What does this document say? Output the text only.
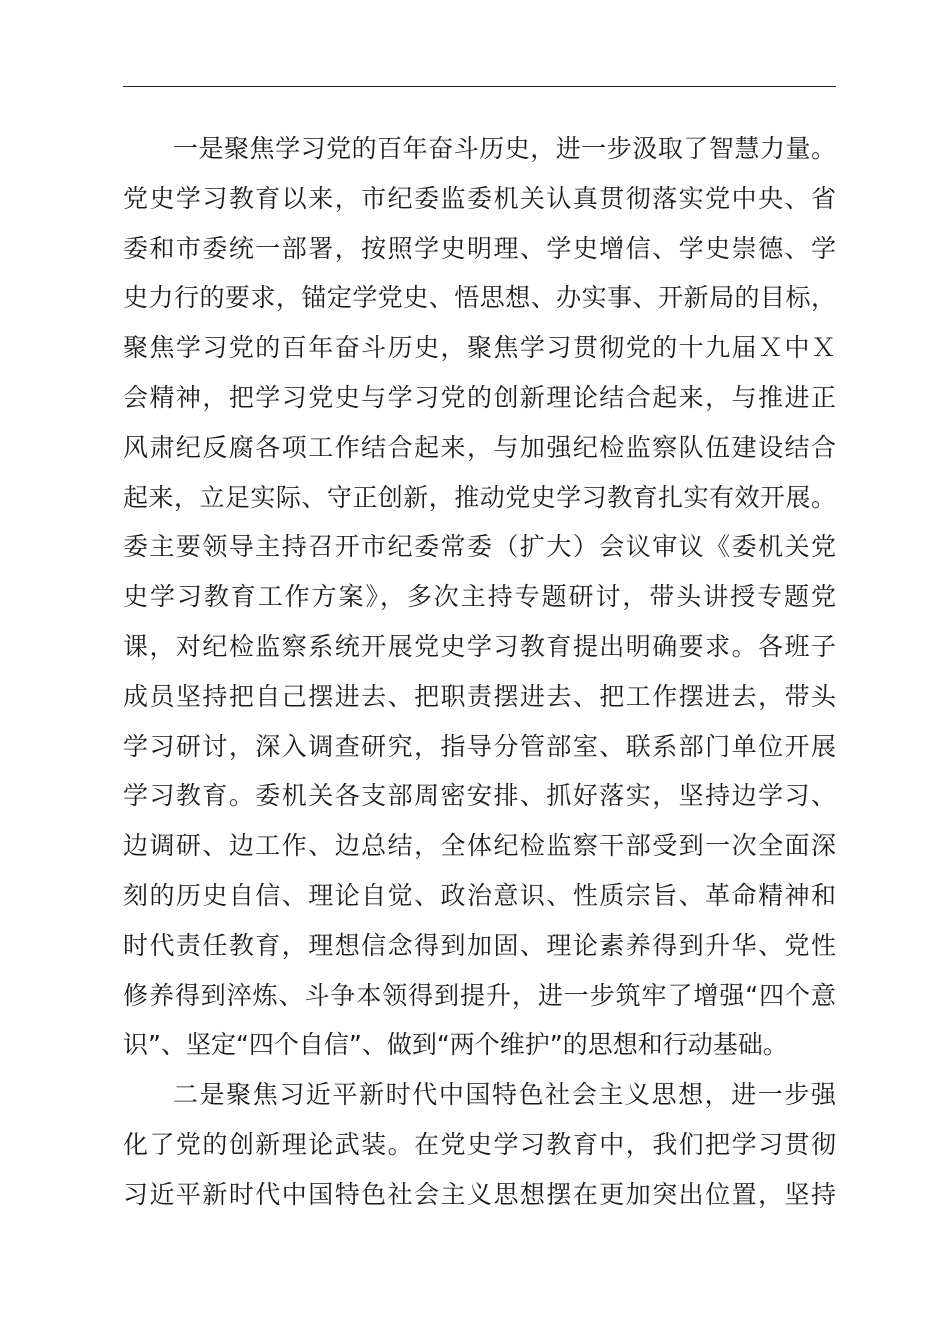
一是聚焦学习党的百年奋斗历史，进一步汲取了智慧力量。
党史学习教育以来，市纪委监委机关认真贯彻落实党中央、省
委和市委统一部署，按照学史明理、学史增信、学史崇德、学
史力行的要求，锚定学党史、悟思想、办实事、开新局的目标，
聚焦学习党的百年奋斗历史，聚焦学习贯彻党的十九届Ｘ中Ｘ
会精神，把学习党史与学习党的创新理论结合起来，与推进正
风肃纪反腐各项工作结合起来，与加强纪检监察队伍建设结合
起来，立足实际、守正创新，推动党史学习教育扎实有效开展。
委主要领导主持召开市纪委常委（扩大）会议审议《委机关党
史学习教育工作方案》，多次主持专题研讨，带头讲授专题党
课，对纪检监察系统开展党史学习教育提出明确要求。各班子
成员坚持把自己摆进去、把职责摆进去、把工作摆进去，带头
学习研讨，深入调查研究，指导分管部室、联系部门单位开展
学习教育。委机关各支部周密安排、抓好落实，坚持边学习、
边调研、边工作、边总结，全体纪检监察干部受到一次全面深
刻的历史自信、理论自觉、政治意识、性质宗旨、革命精神和
时代责任教育，理想信念得到加固、理论素养得到升华、党性
修养得到淬炼、斗争本领得到提升，进一步筑牢了增强“四个意
识”、坚定“四个自信”、做到“两个维护”的思想和行动基础。
二是聚焦习近平新时代中国特色社会主义思想，进一步强
化了党的创新理论武装。在党史学习教育中，我们把学习贯彻
习近平新时代中国特色社会主义思想摆在更加突出位置，坚持
